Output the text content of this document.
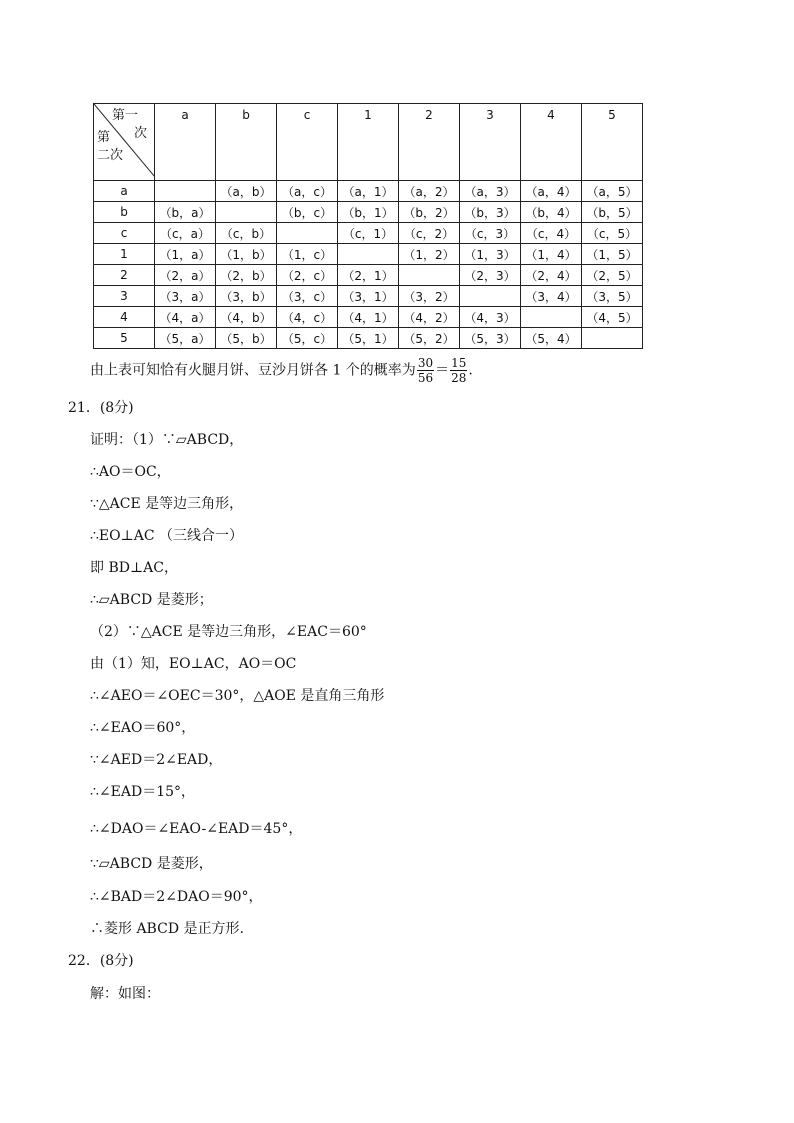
第一
第 次
二次	a	b	c	1	2	3	4	5
a		（a，b）	（a，c）	（a，1）	（a，2）	（a，3）	（a，4）	（a，5）
b	（b，a）		（b，c）	（b，1）	（b，2）	（b，3）	（b，4）	（b，5）
c	（c，a）	（c，b）		（c，1）	（c，2）	（c，3）	（c，4）	（c，5）
1	（1，a）	（1，b）	（1，c）		（1，2）	（1，3）	（1，4）	（1，5）
2	（2，a）	（2，b）	（2，c）	（2，1）		（2，3）	（2，4）	（2，5）
3	（3，a）	（3，b）	（3，c）	（3，1）	（3，2）		（3，4）	（3，5）
4	（4，a）	（4，b）	（4，c）	（4，1）	（4，2）	（4，3）		（4，5）
5	（5，a）	（5，b）	（5，c）	（5，1）	（5，2）	（5，3）	（5，4）	
由上表可知恰有火腿月饼、豆沙月饼各 1 个的概率为 $\frac{30}{56} = \frac{15}{28}$ .
21．(8分)
证明：（1）∵▱ABCD，
∴AO＝OC，
∵△ACE 是等边三角形，
∴EO⊥AC （三线合一）
即 BD⊥AC，
∴▱ABCD 是菱形；
（2）∵△ACE 是等边三角形，∠EAC＝60°
由（1）知，EO⊥AC，AO＝OC
∴∠AEO＝∠OEC＝30°，△AOE 是直角三角形
∴∠EAO＝60°，
∵∠AED＝2∠EAD，
∴∠EAD＝15°，
∴∠DAO＝∠EAO-∠EAD＝45°，
∵▱ABCD 是菱形，
∴∠BAD＝2∠DAO＝90°，
∴菱形 ABCD 是正方形.
22．(8分)
解：如图：
